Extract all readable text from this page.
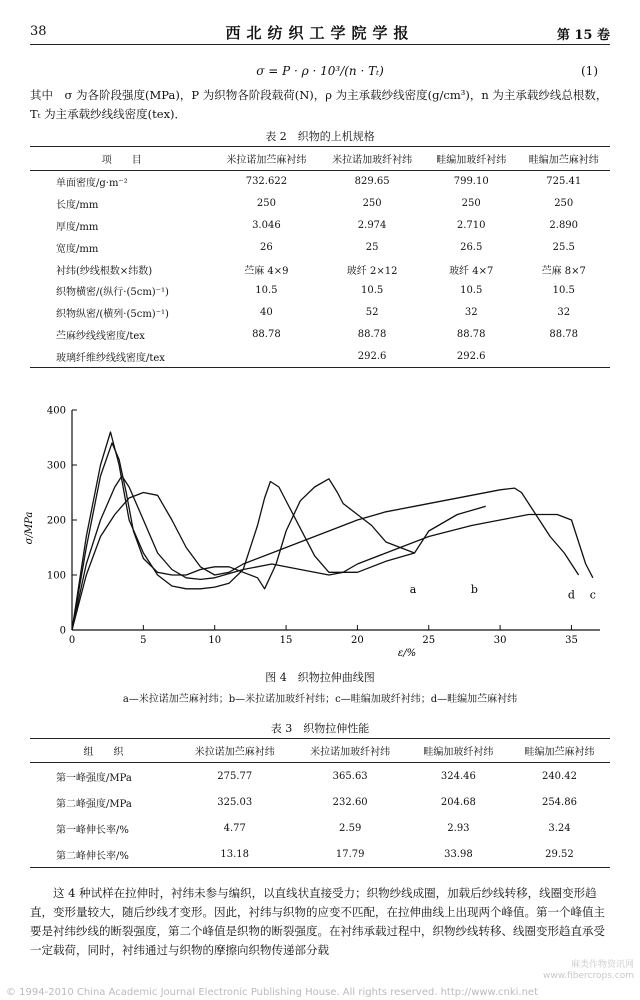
38	西北纺织工学院学报	第 15 卷
σ = P · ρ · 10³/(n · Tₜ)	(1)
其中　σ 为各阶段强度(MPa)，P 为织物各阶段载荷(N)，ρ 为主承载纱线密度(g/cm³)，n 为主承载纱线总根数，Tₜ 为主承载纱线线密度(tex)．
表 2　织物的上机规格
项　　目	米拉诺加苎麻衬纬	米拉诺加玻纤衬纬	畦编加玻纤衬纬	畦编加苎麻衬纬
单面密度/g·m⁻²	732.622	829.65	799.10	725.41
长度/mm	250	250	250	250
厚度/mm	3.046	2.974	2.710	2.890
宽度/mm	26	25	26.5	25.5
衬纬(纱线根数×纬数)	苎麻 4×9	玻纤 2×12	玻纤 4×7	苎麻 8×7
织物横密/(纵行·(5cm)⁻¹)	10.5	10.5	10.5	10.5
织物纵密/(横列·(5cm)⁻¹)	40	52	32	32
苎麻纱线线密度/tex	88.78	88.78	88.78	88.78
玻璃纤维纱线线密度/tex		292.6	292.6	
a	b	c
d
0	5	10	15	20	25	30	35
0
100
200
300
400
σ/MPa
ε/%
图 4　织物拉伸曲线图
a—米拉诺加苎麻衬纬；b—米拉诺加玻纤衬纬；c—畦编加玻纤衬纬；d—畦编加苎麻衬纬
表 3　织物拉伸性能
组　　织	米拉诺加苎麻衬纬	米拉诺加玻纤衬纬	畦编加玻纤衬纬	畦编加苎麻衬纬
第一峰强度/MPa	275.77	365.63	324.46	240.42
第二峰强度/MPa	325.03	232.60	204.68	254.86
第一峰伸长率/%	4.77	2.59	2.93	3.24
第二峰伸长率/%	13.18	17.79	33.98	29.52
这 4 种试样在拉伸时，衬纬未参与编织，以直线状直接受力；织物纱线成圈，加载后纱线转移，线圈变形趋直，变形量较大，随后纱线才变形。因此，衬纬与织物的应变不匹配，在拉伸曲线上出现两个峰值。第一个峰值主要是衬纬纱线的断裂强度，第二个峰值是织物的断裂强度。在衬纬承载过程中，织物纱线转移、线圈变形趋直承受一定载荷，同时，衬纬通过与织物的摩擦向织物传递部分载
麻类作物资讯网
www.fibercrops.com
© 1994-2010 China Academic Journal Electronic Publishing House. All rights reserved. http://www.cnki.net
